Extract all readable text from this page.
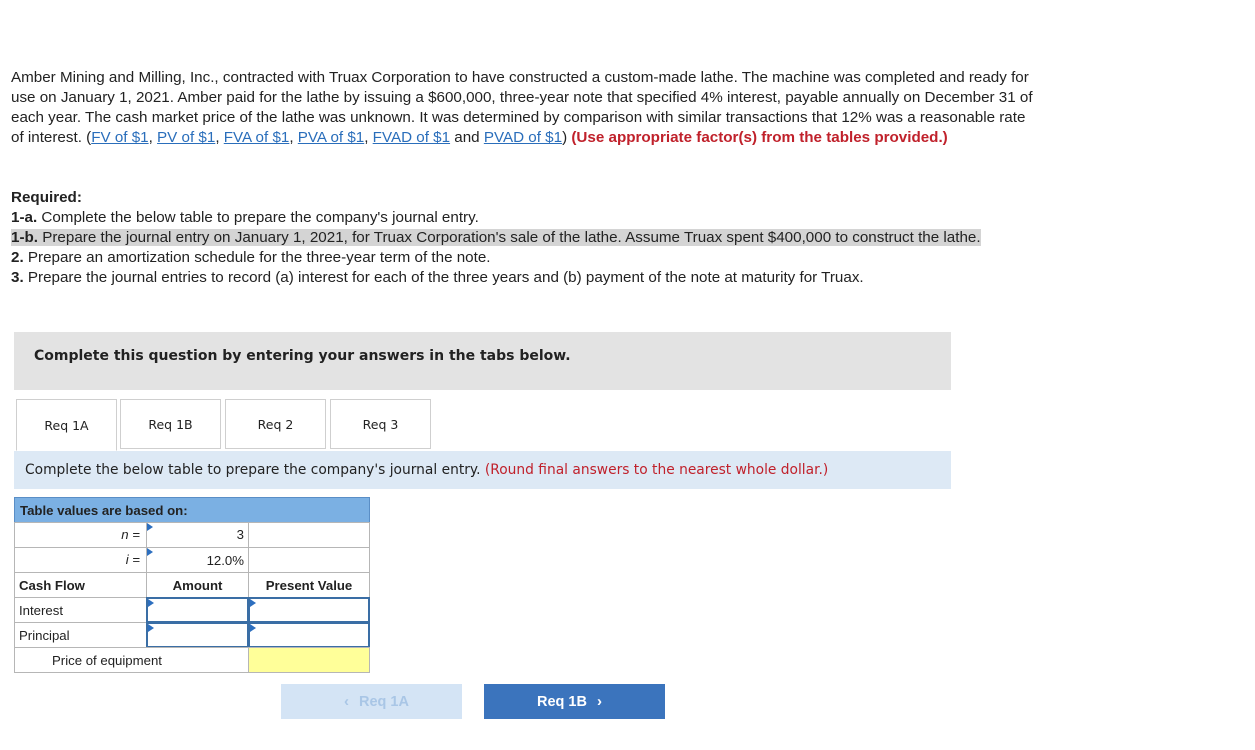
Amber Mining and Milling, Inc., contracted with Truax Corporation to have constructed a custom-made lathe. The machine was completed and ready for use on January 1, 2021. Amber paid for the lathe by issuing a $600,000, three-year note that specified 4% interest, payable annually on December 31 of each year. The cash market price of the lathe was unknown. It was determined by comparison with similar transactions that 12% was a reasonable rate of interest. (FV of $1, PV of $1, FVA of $1, PVA of $1, FVAD of $1 and PVAD of $1) (Use appropriate factor(s) from the tables provided.)
Required:
1-a. Complete the below table to prepare the company's journal entry.
1-b. Prepare the journal entry on January 1, 2021, for Truax Corporation's sale of the lathe. Assume Truax spent $400,000 to construct the lathe.
2. Prepare an amortization schedule for the three-year term of the note.
3. Prepare the journal entries to record (a) interest for each of the three years and (b) payment of the note at maturity for Truax.
Complete this question by entering your answers in the tabs below.
Req 1A	Req 1B	Req 2	Req 3
Complete the below table to prepare the company's journal entry. (Round final answers to the nearest whole dollar.)
Table values are based on:
n =	3
i =	12.0%
Cash Flow	Amount	Present Value
Interest
Principal
Price of equipment
‹ Req 1A	Req 1B ›
